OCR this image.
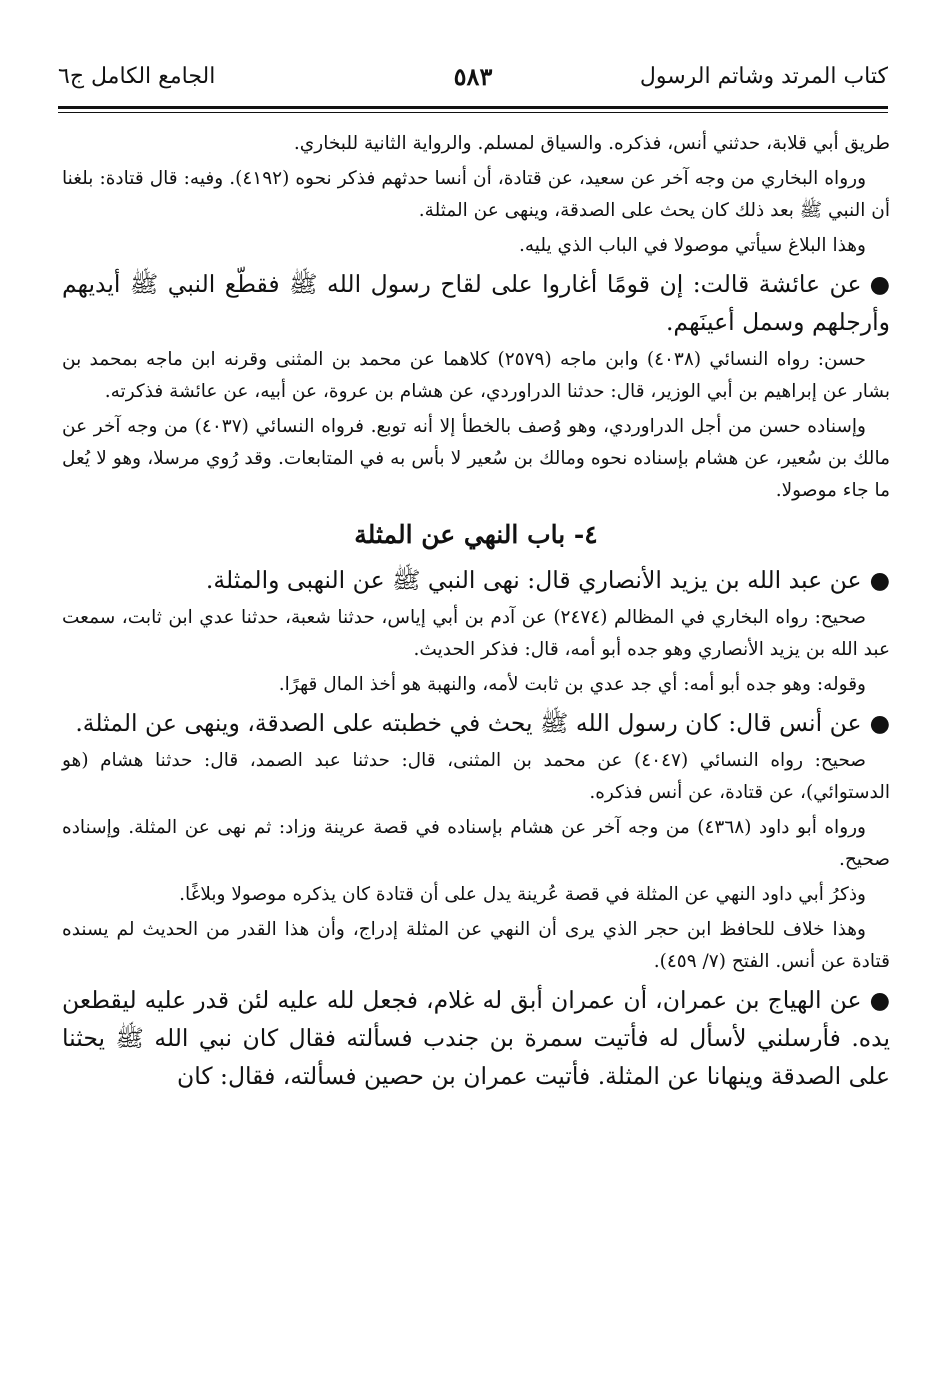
كتاب المرتد وشاتم الرسول
٥٨٣
الجامع الكامل ج٦

طريق أبي قلابة، حدثني أنس، فذكره. والسياق لمسلم. والرواية الثانية للبخاري.

ورواه البخاري من وجه آخر عن سعيد، عن قتادة، أن أنسا حدثهم فذكر نحوه (٤١٩٢). وفيه: قال قتادة: بلغنا أن النبي ﷺ بعد ذلك كان يحث على الصدقة، وينهى عن المثلة.

وهذا البلاغ سيأتي موصولا في الباب الذي يليه.

●عن عائشة قالت: إن قومًا أغاروا على لقاح رسول الله ﷺ فقطّع النبي ﷺ أيديهم وأرجلهم وسمل أعينَهم.

حسن: رواه النسائي (٤٠٣٨) وابن ماجه (٢٥٧٩) كلاهما عن محمد بن المثنى وقرنه ابن ماجه بمحمد بن بشار عن إبراهيم بن أبي الوزير، قال: حدثنا الدراوردي، عن هشام بن عروة، عن أبيه، عن عائشة فذكرته.

وإسناده حسن من أجل الدراوردي، وهو وُصف بالخطأ إلا أنه توبع. فرواه النسائي (٤٠٣٧) من وجه آخر عن مالك بن سُعير، عن هشام بإسناده نحوه ومالك بن سُعير لا بأس به في المتابعات. وقد رُوي مرسلا، وهو لا يُعل ما جاء موصولا.

٤- باب النهي عن المثلة

●عن عبد الله بن يزيد الأنصاري قال: نهى النبي ﷺ عن النهبى والمثلة.

صحيح: رواه البخاري في المظالم (٢٤٧٤) عن آدم بن أبي إياس، حدثنا شعبة، حدثنا عدي ابن ثابت، سمعت عبد الله بن يزيد الأنصاري وهو جده أبو أمه، قال: فذكر الحديث.

وقوله: وهو جده أبو أمه: أي جد عدي بن ثابت لأمه، والنهبة هو أخذ المال قهرًا.

●عن أنس قال: كان رسول الله ﷺ يحث في خطبته على الصدقة، وينهى عن المثلة.

صحيح: رواه النسائي (٤٠٤٧) عن محمد بن المثنى، قال: حدثنا عبد الصمد، قال: حدثنا هشام (هو الدستوائي)، عن قتادة، عن أنس فذكره.

ورواه أبو داود (٤٣٦٨) من وجه آخر عن هشام بإسناده في قصة عرينة وزاد: ثم نهى عن المثلة. وإسناده صحيح.

وذكرُ أبي داود النهي عن المثلة في قصة عُرينة يدل على أن قتادة كان يذكره موصولا وبلاغًا.

وهذا خلاف للحافظ ابن حجر الذي يرى أن النهي عن المثلة إدراج، وأن هذا القدر من الحديث لم يسنده قتادة عن أنس. الفتح (٧/ ٤٥٩).

●عن الهياج بن عمران، أن عمران أبق له غلام، فجعل لله عليه لئن قدر عليه ليقطعن يده. فأرسلني لأسأل له فأتيت سمرة بن جندب فسألته فقال كان نبي الله ﷺ يحثنا على الصدقة وينهانا عن المثلة. فأتيت عمران بن حصين فسألته، فقال: كان
